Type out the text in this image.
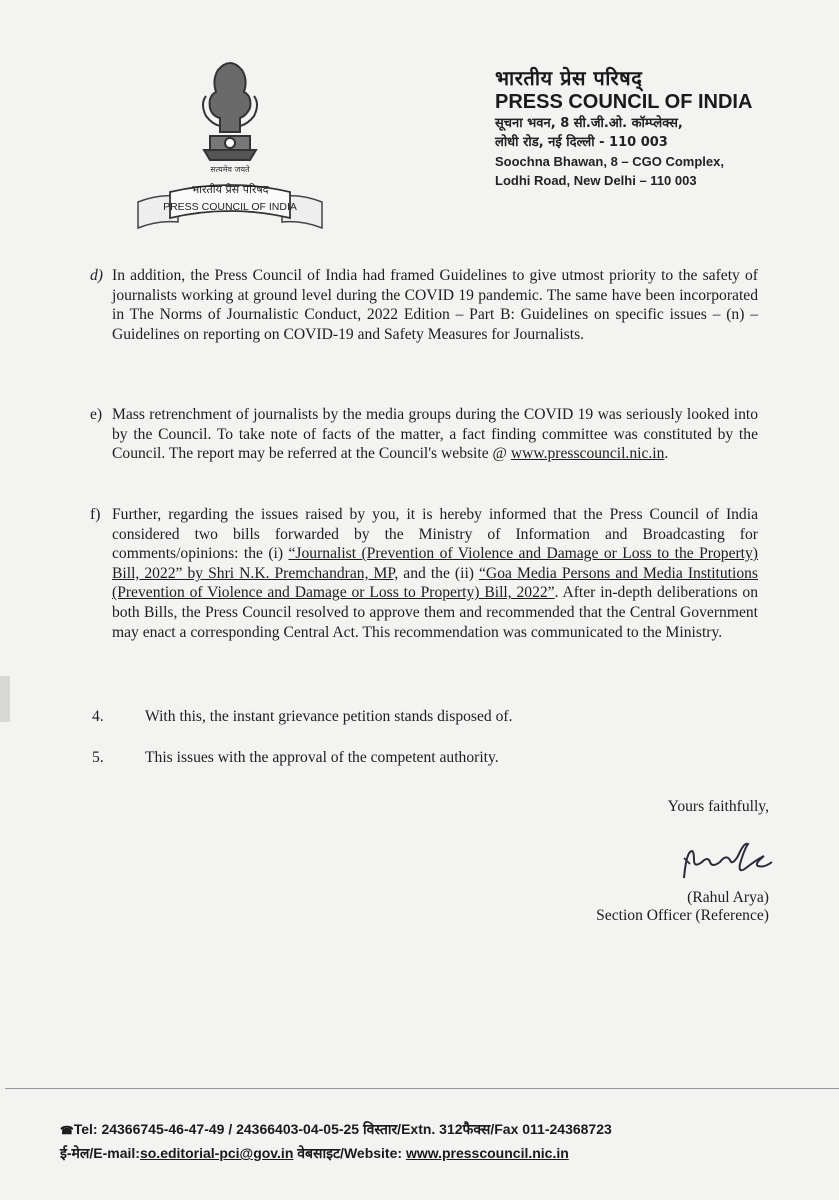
सत्यमेव जयते
भारतीय प्रेस परिषद
PRESS COUNCIL OF INDIA
भारतीय प्रेस परिषद्
PRESS COUNCIL OF INDIA
सूचना भवन, 8 सी.जी.ओ. कॉम्प्लेक्स,
लोधी रोड, नई दिल्ली - 110 003
Soochna Bhawan, 8 – CGO Complex,
Lodhi Road, New Delhi – 110 003
d) In addition, the Press Council of India had framed Guidelines to give utmost priority to the safety of journalists working at ground level during the COVID 19 pandemic. The same have been incorporated in The Norms of Journalistic Conduct, 2022 Edition – Part B: Guidelines on specific issues – (n) – Guidelines on reporting on COVID-19 and Safety Measures for Journalists.
e) Mass retrenchment of journalists by the media groups during the COVID 19 was seriously looked into by the Council. To take note of facts of the matter, a fact finding committee was constituted by the Council. The report may be referred at the Council's website @ www.presscouncil.nic.in.
f) Further, regarding the issues raised by you, it is hereby informed that the Press Council of India considered two bills forwarded by the Ministry of Information and Broadcasting for comments/opinions: the (i) “Journalist (Prevention of Violence and Damage or Loss to the Property) Bill, 2022” by Shri N.K. Premchandran, MP, and the (ii) “Goa Media Persons and Media Institutions (Prevention of Violence and Damage or Loss to Property) Bill, 2022”. After in-depth deliberations on both Bills, the Press Council resolved to approve them and recommended that the Central Government may enact a corresponding Central Act. This recommendation was communicated to the Ministry.
4.	With this, the instant grievance petition stands disposed of.
5.	This issues with the approval of the competent authority.
Yours faithfully,
(Rahul Arya)
Section Officer (Reference)
☎Tel: 24366745-46-47-49 / 24366403-04-05-25 विस्तार/Extn. 312फैक्स/Fax 011-24368723
ई-मेल/E-mail:so.editorial-pci@gov.in वेबसाइट/Website: www.presscouncil.nic.in
